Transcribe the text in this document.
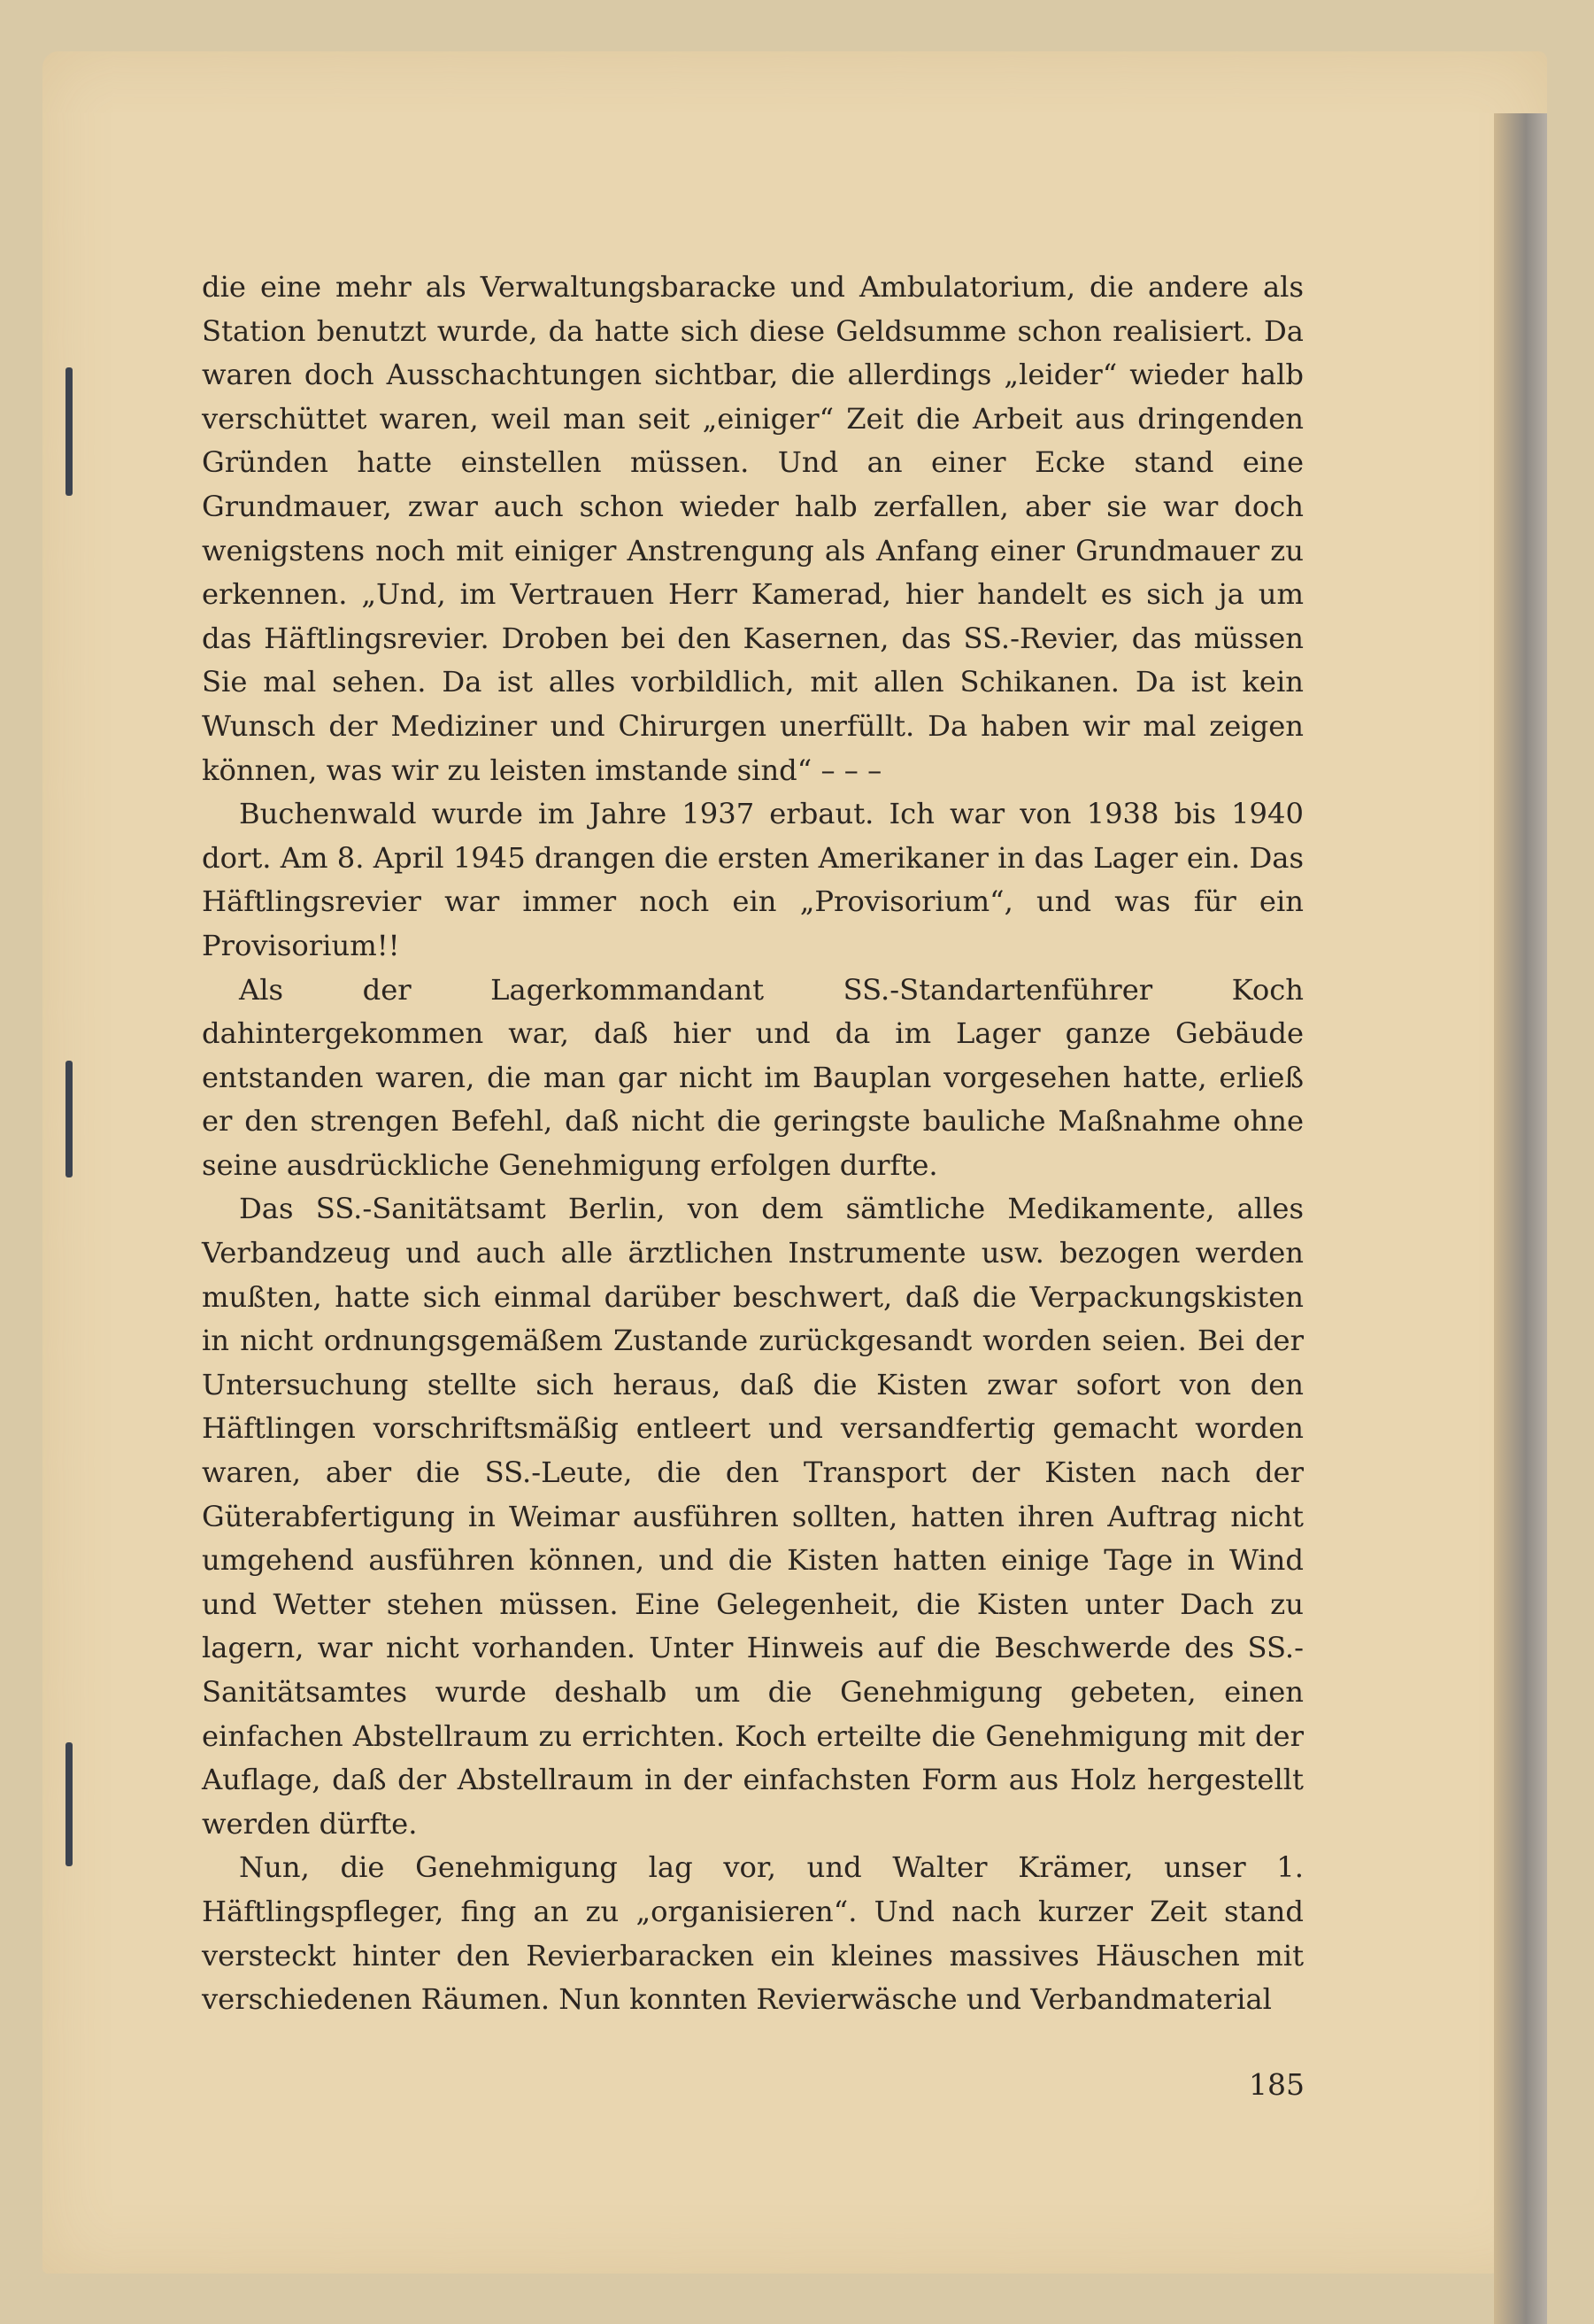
die eine mehr als Verwaltungsbaracke und Ambulatorium, die andere als Station benutzt wurde, da hatte sich diese Geldsumme schon realisiert. Da waren doch Ausschachtungen sichtbar, die allerdings „leider“ wieder halb verschüttet waren, weil man seit „einiger“ Zeit die Arbeit aus dringenden Gründen hatte einstellen müssen. Und an einer Ecke stand eine Grundmauer, zwar auch schon wieder halb zerfallen, aber sie war doch wenigstens noch mit einiger Anstrengung als Anfang einer Grundmauer zu erkennen. „Und, im Vertrauen Herr Kamerad, hier handelt es sich ja um das Häftlingsrevier. Droben bei den Kasernen, das SS.-Revier, das müssen Sie mal sehen. Da ist alles vorbildlich, mit allen Schikanen. Da ist kein Wunsch der Mediziner und Chirurgen unerfüllt. Da haben wir mal zeigen können, was wir zu leisten imstande sind“ – – –

Buchenwald wurde im Jahre 1937 erbaut. Ich war von 1938 bis 1940 dort. Am 8. April 1945 drangen die ersten Amerikaner in das Lager ein. Das Häftlingsrevier war immer noch ein „Provisorium“, und was für ein Provisorium!!

Als der Lagerkommandant SS.-Standartenführer Koch dahintergekommen war, daß hier und da im Lager ganze Gebäude entstanden waren, die man gar nicht im Bauplan vorgesehen hatte, erließ er den strengen Befehl, daß nicht die geringste bauliche Maßnahme ohne seine ausdrückliche Genehmigung erfolgen durfte.

Das SS.-Sanitätsamt Berlin, von dem sämtliche Medikamente, alles Verbandzeug und auch alle ärztlichen Instrumente usw. bezogen werden mußten, hatte sich einmal darüber beschwert, daß die Verpackungskisten in nicht ordnungsgemäßem Zustande zurückgesandt worden seien. Bei der Untersuchung stellte sich heraus, daß die Kisten zwar sofort von den Häftlingen vorschriftsmäßig entleert und versandfertig gemacht worden waren, aber die SS.-Leute, die den Transport der Kisten nach der Güterabfertigung in Weimar ausführen sollten, hatten ihren Auftrag nicht umgehend ausführen können, und die Kisten hatten einige Tage in Wind und Wetter stehen müssen. Eine Gelegenheit, die Kisten unter Dach zu lagern, war nicht vorhanden. Unter Hinweis auf die Beschwerde des SS.-Sanitätsamtes wurde deshalb um die Genehmigung gebeten, einen einfachen Abstellraum zu errichten. Koch erteilte die Genehmigung mit der Auflage, daß der Abstellraum in der einfachsten Form aus Holz hergestellt werden dürfte.

Nun, die Genehmigung lag vor, und Walter Krämer, unser 1. Häftlingspfleger, fing an zu „organisieren“. Und nach kurzer Zeit stand versteckt hinter den Revierbaracken ein kleines massives Häuschen mit verschiedenen Räumen. Nun konnten Revierwäsche und Verbandmaterial

185
